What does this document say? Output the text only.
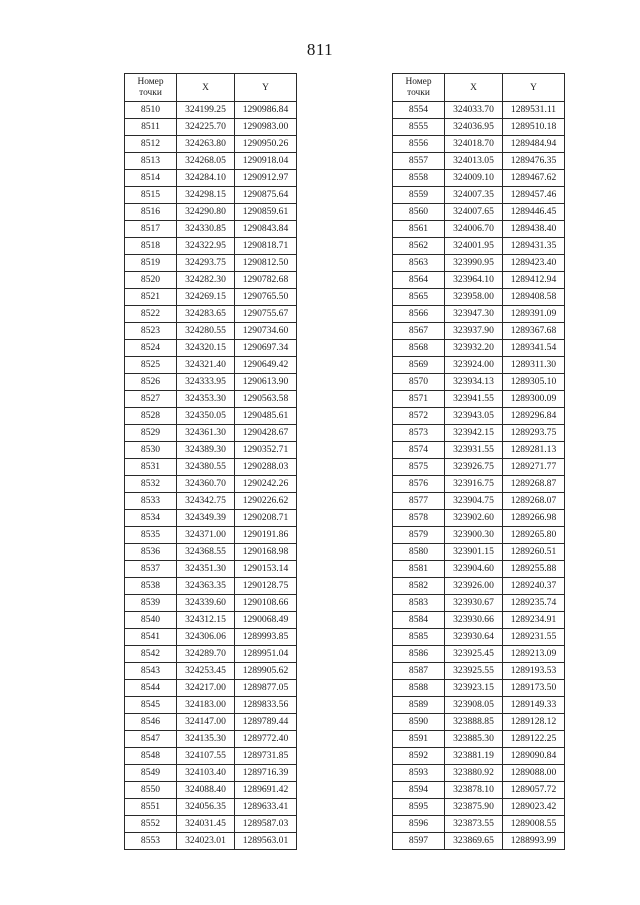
811
Номер
точки	X	Y
8510	324199.25	1290986.84
8511	324225.70	1290983.00
8512	324263.80	1290950.26
8513	324268.05	1290918.04
8514	324284.10	1290912.97
8515	324298.15	1290875.64
8516	324290.80	1290859.61
8517	324330.85	1290843.84
8518	324322.95	1290818.71
8519	324293.75	1290812.50
8520	324282.30	1290782.68
8521	324269.15	1290765.50
8522	324283.65	1290755.67
8523	324280.55	1290734.60
8524	324320.15	1290697.34
8525	324321.40	1290649.42
8526	324333.95	1290613.90
8527	324353.30	1290563.58
8528	324350.05	1290485.61
8529	324361.30	1290428.67
8530	324389.30	1290352.71
8531	324380.55	1290288.03
8532	324360.70	1290242.26
8533	324342.75	1290226.62
8534	324349.39	1290208.71
8535	324371.00	1290191.86
8536	324368.55	1290168.98
8537	324351.30	1290153.14
8538	324363.35	1290128.75
8539	324339.60	1290108.66
8540	324312.15	1290068.49
8541	324306.06	1289993.85
8542	324289.70	1289951.04
8543	324253.45	1289905.62
8544	324217.00	1289877.05
8545	324183.00	1289833.56
8546	324147.00	1289789.44
8547	324135.30	1289772.40
8548	324107.55	1289731.85
8549	324103.40	1289716.39
8550	324088.40	1289691.42
8551	324056.35	1289633.41
8552	324031.45	1289587.03
8553	324023.01	1289563.01
Номер
точки	X	Y
8554	324033.70	1289531.11
8555	324036.95	1289510.18
8556	324018.70	1289484.94
8557	324013.05	1289476.35
8558	324009.10	1289467.62
8559	324007.35	1289457.46
8560	324007.65	1289446.45
8561	324006.70	1289438.40
8562	324001.95	1289431.35
8563	323990.95	1289423.40
8564	323964.10	1289412.94
8565	323958.00	1289408.58
8566	323947.30	1289391.09
8567	323937.90	1289367.68
8568	323932.20	1289341.54
8569	323924.00	1289311.30
8570	323934.13	1289305.10
8571	323941.55	1289300.09
8572	323943.05	1289296.84
8573	323942.15	1289293.75
8574	323931.55	1289281.13
8575	323926.75	1289271.77
8576	323916.75	1289268.87
8577	323904.75	1289268.07
8578	323902.60	1289266.98
8579	323900.30	1289265.80
8580	323901.15	1289260.51
8581	323904.60	1289255.88
8582	323926.00	1289240.37
8583	323930.67	1289235.74
8584	323930.66	1289234.91
8585	323930.64	1289231.55
8586	323925.45	1289213.09
8587	323925.55	1289193.53
8588	323923.15	1289173.50
8589	323908.05	1289149.33
8590	323888.85	1289128.12
8591	323885.30	1289122.25
8592	323881.19	1289090.84
8593	323880.92	1289088.00
8594	323878.10	1289057.72
8595	323875.90	1289023.42
8596	323873.55	1289008.55
8597	323869.65	1288993.99
